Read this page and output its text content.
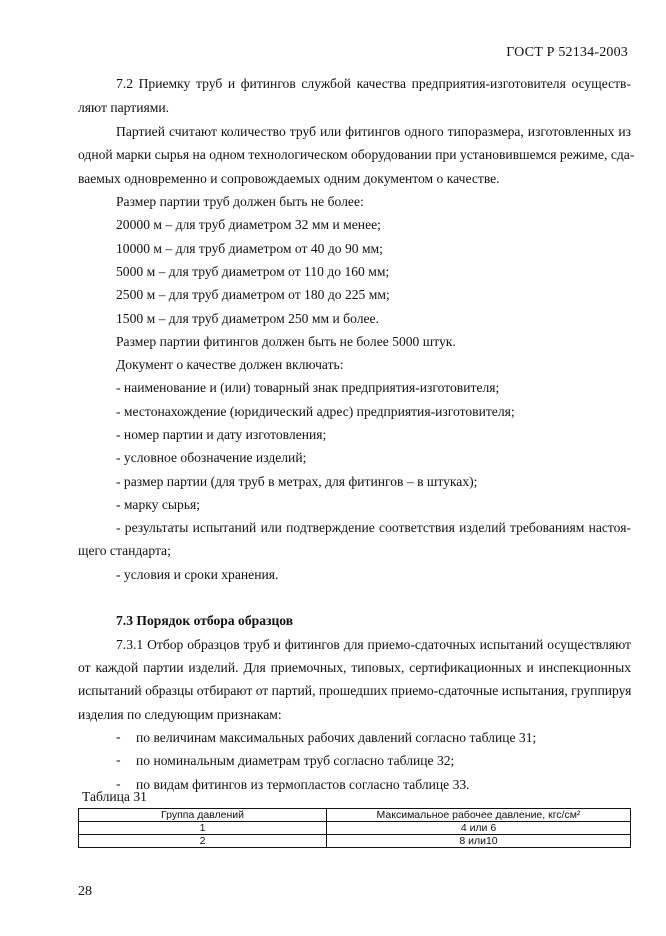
ГОСТ Р 52134-2003
7.2 Приемку труб и фитингов службой качества предприятия-изготовителя осуществ-
ляют партиями.
Партией считают количество труб или фитингов одного типоразмера, изготовленных из
одной марки сырья на одном технологическом оборудовании при установившемся режиме, сда-
ваемых одновременно и сопровождаемых одним документом о качестве.
Размер партии труб должен быть не более:
20000 м – для труб диаметром 32 мм и менее;
10000 м – для труб диаметром от 40 до 90 мм;
5000 м – для труб диаметром от 110 до 160 мм;
2500 м – для труб диаметром от 180 до 225 мм;
1500 м – для труб диаметром 250 мм и более.
Размер партии фитингов должен быть не более 5000 штук.
Документ о качестве должен включать:
- наименование и (или) товарный знак предприятия-изготовителя;
- местонахождение (юридический адрес) предприятия-изготовителя;
- номер партии и дату изготовления;
- условное обозначение изделий;
- размер партии (для труб в метрах, для фитингов – в штуках);
- марку сырья;
- результаты испытаний или подтверждение соответствия изделий требованиям настоя-
щего стандарта;
- условия и сроки хранения.
7.3 Порядок отбора образцов
7.3.1 Отбор образцов труб и фитингов для приемо-сдаточных испытаний осуществляют
от каждой партии изделий. Для приемочных, типовых, сертификационных и инспекционных
испытаний образцы отбирают от партий, прошедших приемо-сдаточные испытания, группируя
изделия по следующим признакам:
- по величинам максимальных рабочих давлений согласно таблице 31;
- по номинальным диаметрам труб согласно таблице 32;
- по видам фитингов из термопластов согласно таблице 33.
Таблица 31
Группа давлений	Максимальное рабочее давление, кгс/см²
1	4 или 6
2	8 или10
28
